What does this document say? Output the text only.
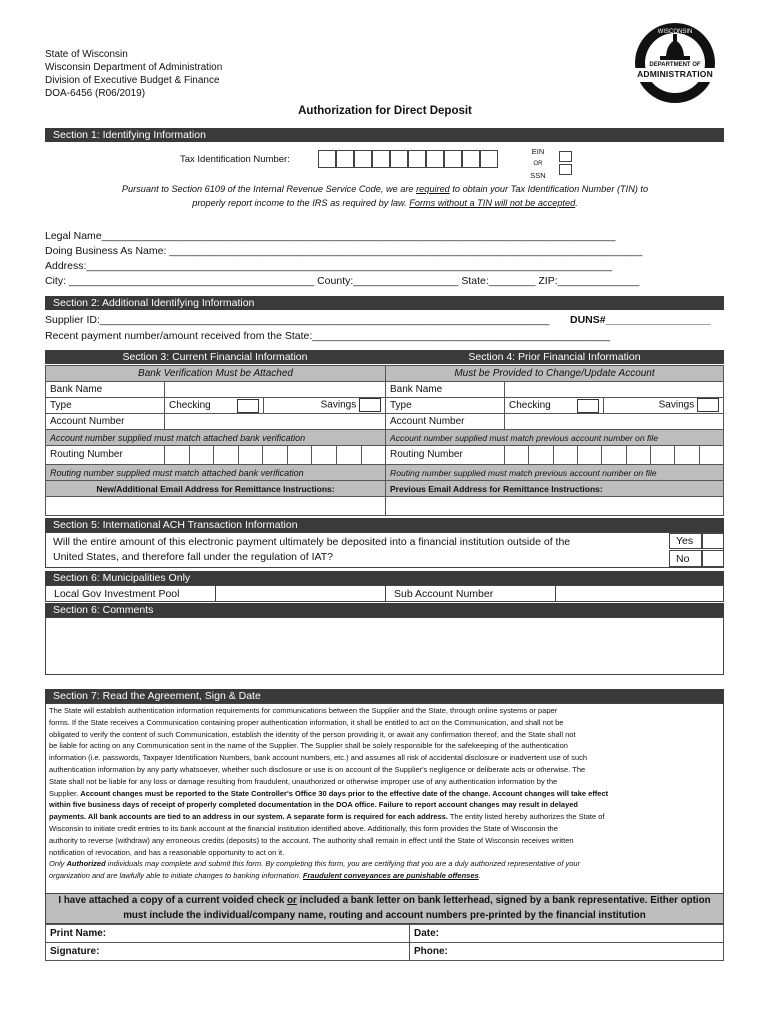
State of Wisconsin
Wisconsin Department of Administration
Division of Executive Budget & Finance
DOA-6456 (R06/2019)
WISCONSIN
DEPARTMENT OF
ADMINISTRATION
Authorization for Direct Deposit
Section 1: Identifying Information
Tax Identification Number:
EIN
OR
SSN
Pursuant to Section 6109 of the Internal Revenue Service Code, we are required to obtain your Tax Identification Number (TIN) to
properly report income to the IRS as required by law. Forms without a TIN will not be accepted.
Legal Name________________________________________________________________________________________
Doing Business As Name: _________________________________________________________________________________
Address:__________________________________________________________________________________________
City: __________________________________________ County:__________________ State:________ ZIP:______________
Section 2: Additional Identifying Information
Supplier ID:_____________________________________________________________________________ DUNS#__________________
Recent payment number/amount received from the State:___________________________________________________
Section 3: Current Financial Information	Section 4: Prior Financial Information
Bank Verification Must be Attached		
Bank Name		
Type	Checking	Savings
Account Number		
Account number supplied must match attached bank verification		
Routing Number		

Routing number supplied must match attached bank verification		
New/Additional Email Address for Remittance Instructions:		

Must be Provided to Change/Update Account		
Bank Name		
Type	Checking	Savings
Account Number		
Account number supplied must match previous account number on file		
Routing Number		

Routing number supplied must match previous account number on file		
Previous Email Address for Remittance Instructions:		

Section 5: International ACH Transaction Information
Will the entire amount of this electronic payment ultimately be deposited into a financial institution outside of the
United States, and therefore fall under the regulation of IAT?
Yes
No
Section 6: Municipalities Only
Local Gov Investment Pool	Sub Account Number
Section 6: Comments
Section 7: Read the Agreement, Sign & Date
The State will establish authentication information requirements for communications between the Supplier and the State, through online systems or paper
forms. If the State receives a Communication containing proper authentication information, it shall be entitled to act on the Communication, and shall not be
obligated to verify the content of such Communication, establish the identity of the person providing it, or await any confirmation thereof, and the State shall not
be liable for acting on any Communication sent in the name of the Supplier. The Supplier shall be solely responsible for the safekeeping of the authentication
information (i.e. passwords, Taxpayer Identification Numbers, bank account numbers, etc.) and assumes all risk of accidental disclosure or inadvertent use of such
authentication information by any party whatsoever, whether such disclosure or use is on account of the Supplier's negligence or deliberate acts or otherwise. The
State shall not be liable for any loss or damage resulting from fraudulent, unauthorized or otherwise improper use of any authentication information by the
Supplier. Account changes must be reported to the State Controller's Office 30 days prior to the effective date of the change. Account changes will take effect
within five business days of receipt of properly completed documentation in the DOA office. Failure to report account changes may result in delayed
payments. All bank accounts are tied to an address in our system. A separate form is required for each address. The entity listed hereby authorizes the State of
Wisconsin to initiate credit entries to its bank account at the financial institution identified above. Additionally, this form provides the State of Wisconsin the
authority to reverse (withdraw) any erroneous credits (deposits) to the account. The authority shall remain in effect until the State of Wisconsin receives written
notification of revocation, and has a reasonable opportunity to act on it.
Only Authorized individuals may complete and submit this form. By completing this form, you are certifying that you are a duly authorized representative of your
organization and are lawfully able to initiate changes to banking information. Fraudulent conveyances are punishable offenses.
I have attached a copy of a current voided check or included a bank letter on bank letterhead, signed by a bank representative. Either option
must include the individual/company name, routing and account numbers pre-printed by the financial institution
Print Name:	Date:
Signature:	Phone:
